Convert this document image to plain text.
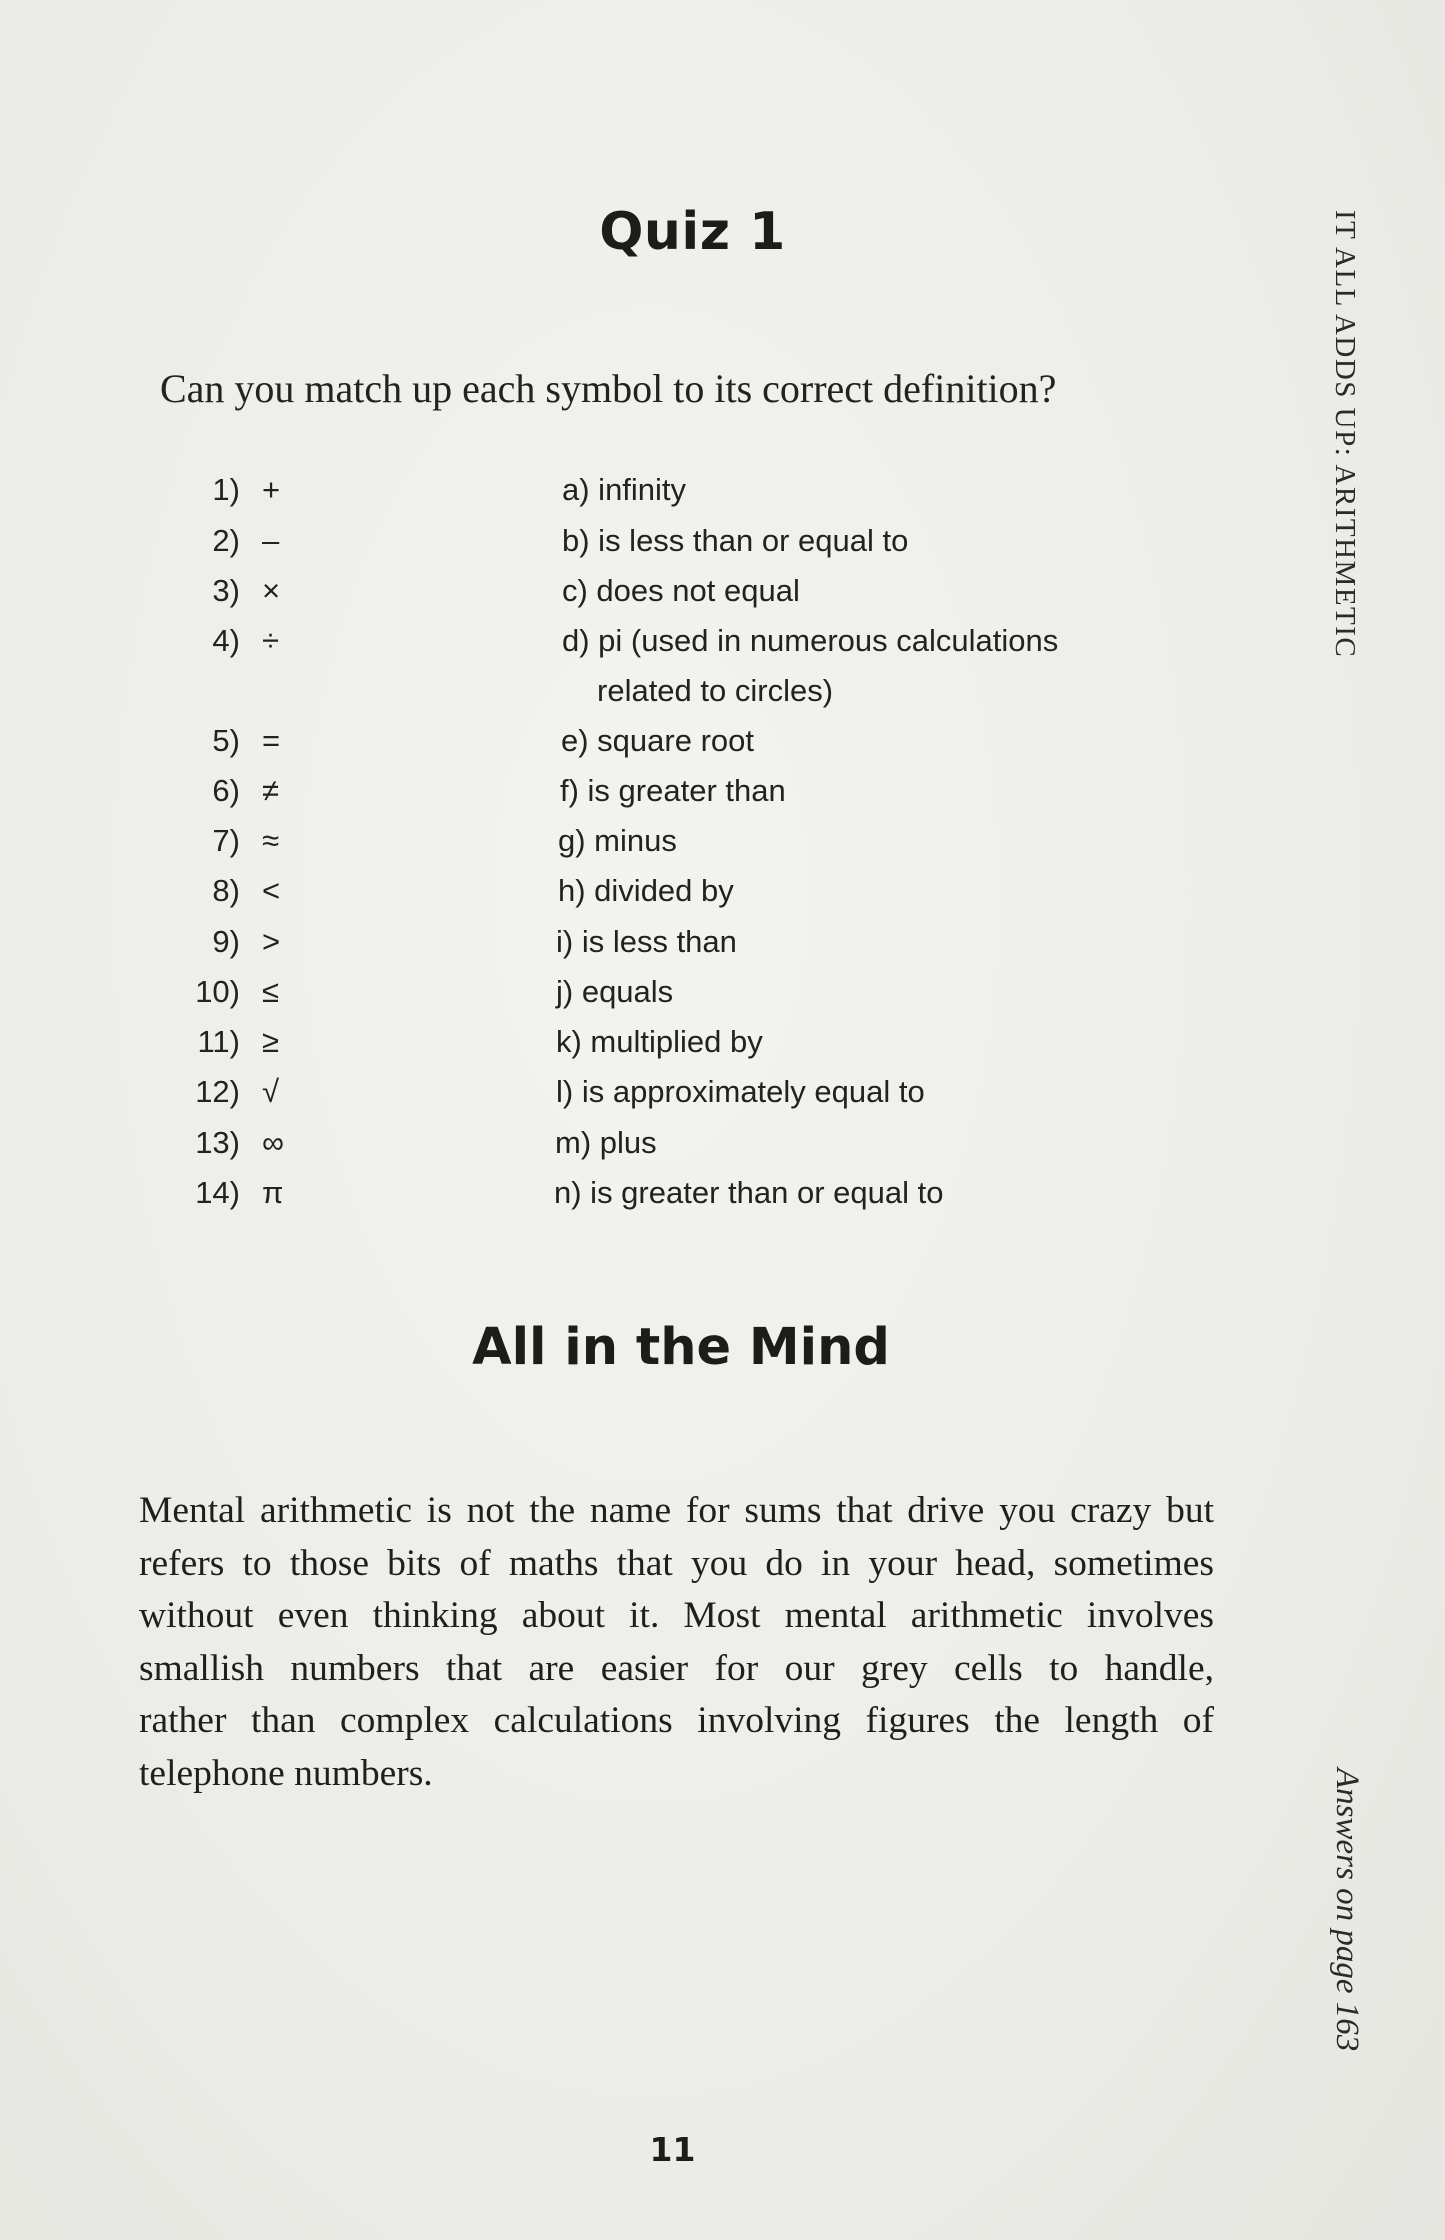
Quiz 1

Can you match up each symbol to its correct definition?

1) +	a) infinity
2) –	b) is less than or equal to
3) ×	c) does not equal
4) ÷	d) pi (used in numerous calculations
related to circles)
5) =	e) square root
6) ≠	f) is greater than
7) ≈	g) minus
8) <	h) divided by
9) >	i) is less than
10) ≤	j) equals
11) ≥	k) multiplied by
12) √	l) is approximately equal to
13) ∞	m) plus
14) π	n) is greater than or equal to
All in the Mind
Mental arithmetic is not the name for sums that drive you crazy but
refers to those bits of maths that you do in your head, sometimes
without even thinking about it. Most mental arithmetic involves
smallish numbers that are easier for our grey cells to handle,
rather than complex calculations involving figures the length of
telephone numbers.
IT ALL ADDS UP: ARITHMETIC
Answers on page 163
11
